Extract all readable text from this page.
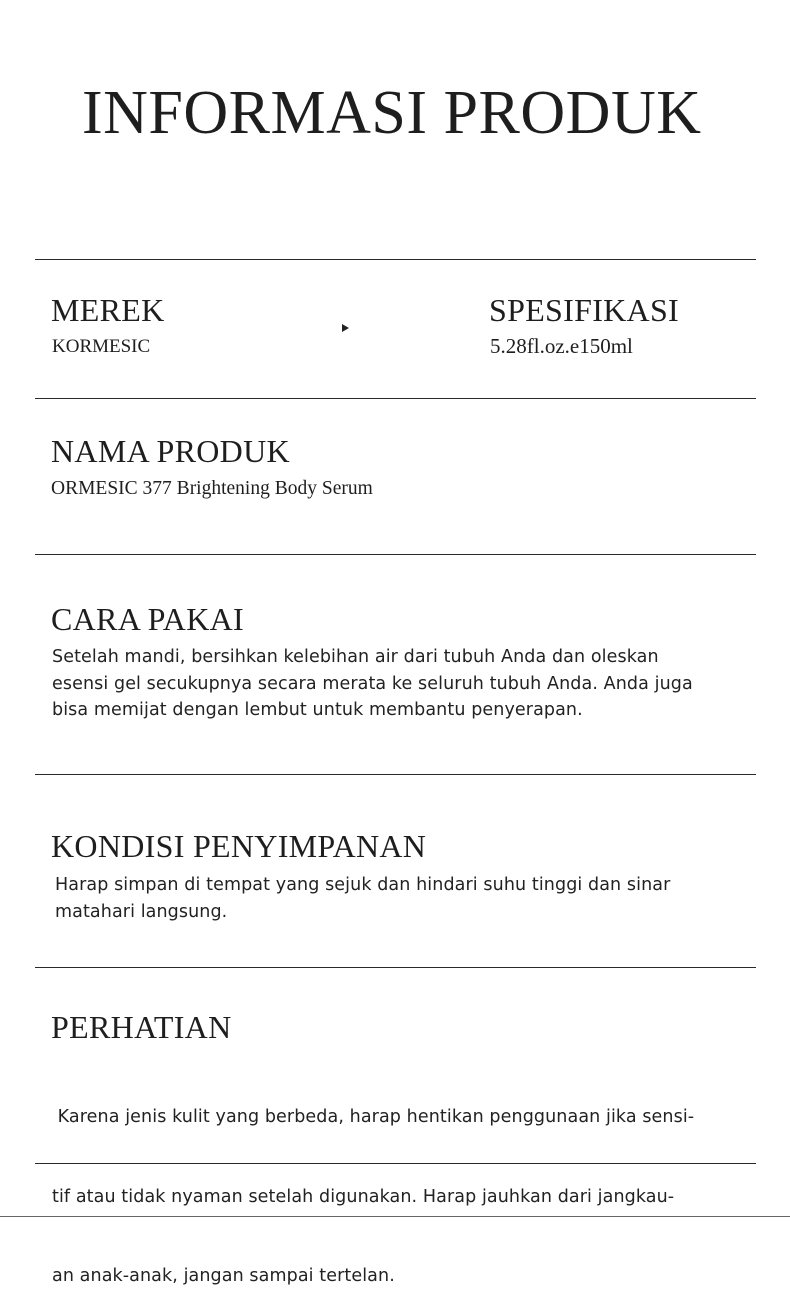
INFORMASI PRODUK
MEREK

KORMESIC

SPESIFIKASI

5.28fl.oz.e150ml

NAMA PRODUK

ORMESIC 377 Brightening Body Serum

CARA PAKAI
Setelah mandi, bersihkan kelebihan air dari tubuh Anda dan oleskan
esensi gel secukupnya secara merata ke seluruh tubuh Anda. Anda juga
bisa memijat dengan lembut untuk membantu penyerapan.
KONDISI PENYIMPANAN
Harap simpan di tempat yang sejuk dan hindari suhu tinggi dan sinar
matahari langsung.
PERHATIAN

Karena jenis kulit yang berbeda, harap hentikan penggunaan jika sensi-

tif atau tidak nyaman setelah digunakan. Harap jauhkan dari jangkau-

an anak-anak, jangan sampai tertelan.
